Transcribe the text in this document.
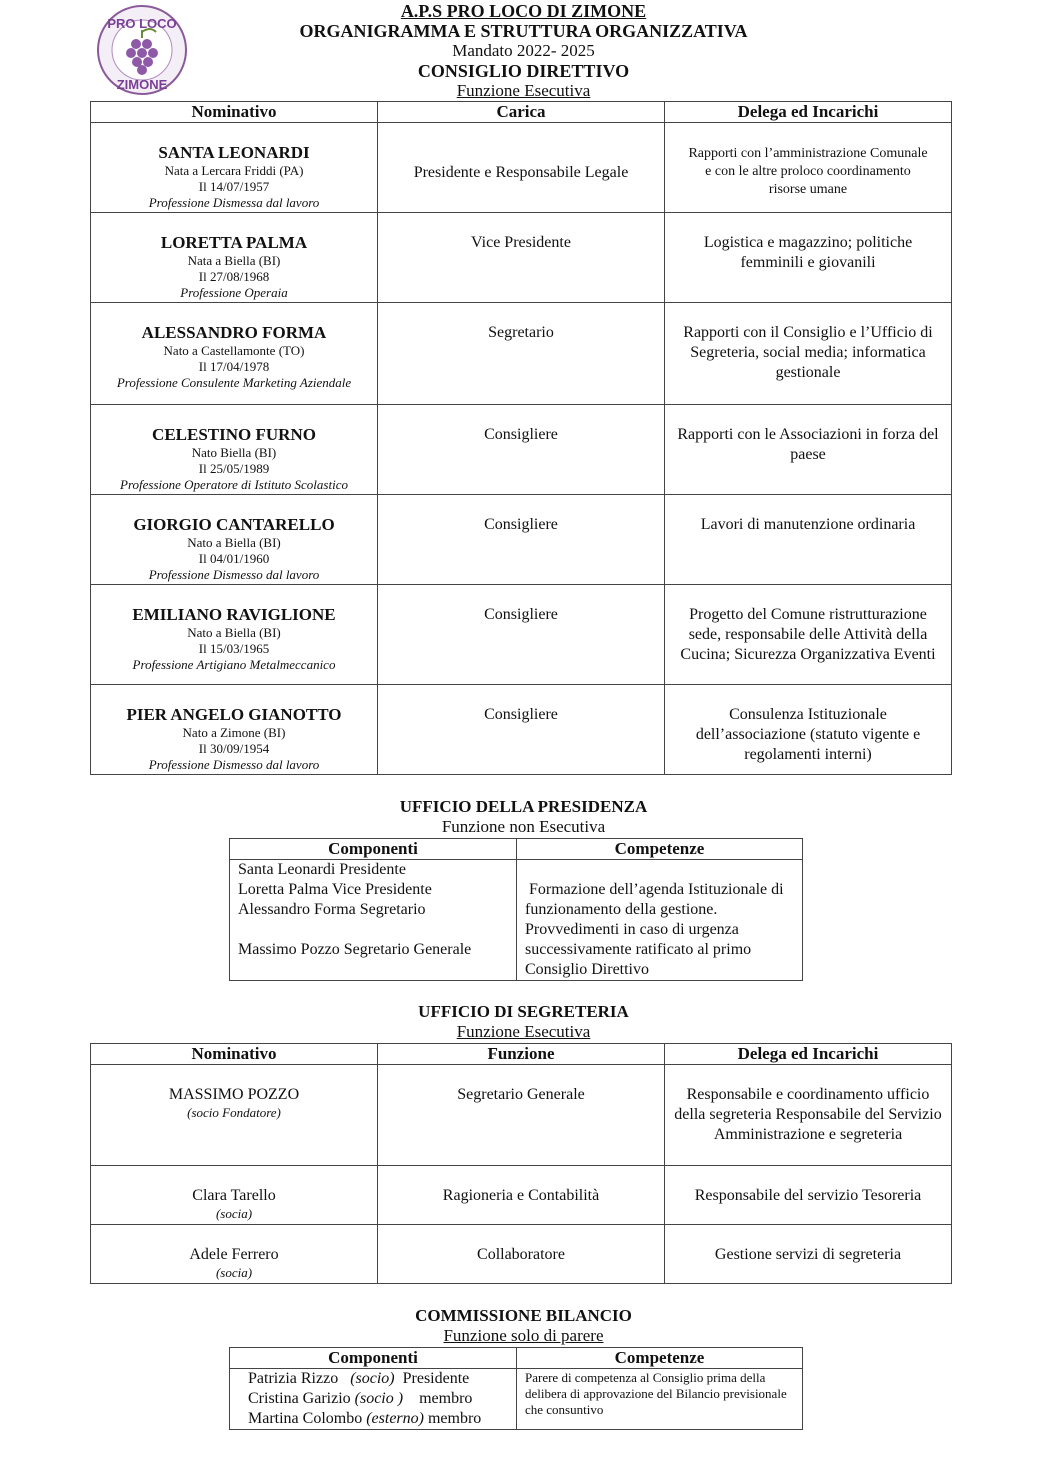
PRO LOCO
ZIMONE
A.P.S PRO LOCO DI ZIMONE
ORGANIGRAMMA E STRUTTURA ORGANIZZATIVA
Mandato 2022- 2025
CONSIGLIO DIRETTIVO
Funzione Esecutiva
Nominativo	Carica	Delega ed Incarichi

SANTA LEONARDI
Nata a Lercara Friddi (PA)
Il 14/07/1957
Professione Dismessa dal lavoro	Presidente e Responsabile Legale	Rapporti con l’amministrazione Comunale e con le altre proloco coordinamento risorse umane

LORETTA PALMA
Nata a Biella (BI)
Il 27/08/1968
Professione Operaia	Vice Presidente	Logistica e magazzino; politiche femminili e giovanili

ALESSANDRO FORMA
Nato a Castellamonte (TO)
Il 17/04/1978
Professione Consulente Marketing Aziendale	Segretario	Rapporti con il Consiglio e l’Ufficio di Segreteria, social media; informatica gestionale

CELESTINO FURNO
Nato Biella (BI)
Il 25/05/1989
Professione Operatore di Istituto Scolastico	Consigliere	Rapporti con le Associazioni in forza del paese

GIORGIO CANTARELLO
Nato a Biella (BI)
Il 04/01/1960
Professione Dismesso dal lavoro	Consigliere	Lavori di manutenzione ordinaria

EMILIANO RAVIGLIONE
Nato a Biella (BI)
Il 15/03/1965
Professione Artigiano Metalmeccanico	Consigliere	Progetto del Comune ristrutturazione sede, responsabile delle Attività della Cucina; Sicurezza Organizzativa Eventi

PIER ANGELO GIANOTTO
Nato a Zimone (BI)
Il 30/09/1954
Professione Dismesso dal lavoro	Consigliere	Consulenza Istituzionale dell’associazione (statuto vigente e regolamenti interni)
UFFICIO DELLA PRESIDENZA
Funzione non Esecutiva
Componenti	Competenze

Santa Leonardi Presidente
Loretta Palma Vice Presidente
Alessandro Forma Segretario
Massimo Pozzo Segretario Generale	Formazione dell’agenda Istituzionale di funzionamento della gestione. Provvedimenti in caso di urgenza successivamente ratificato al primo Consiglio Direttivo
UFFICIO DI SEGRETERIA
Funzione Esecutiva
Nominativo	Funzione	Delega ed Incarichi

MASSIMO POZZO
(socio Fondatore)	Segretario Generale	Responsabile e coordinamento ufficio della segreteria Responsabile del Servizio Amministrazione e segreteria

Clara Tarello
(socia)	Ragioneria e Contabilità	Responsabile del servizio Tesoreria

Adele Ferrero
(socia)	Collaboratore	Gestione servizi di segreteria
COMMISSIONE BILANCIO
Funzione solo di parere
Componenti	Competenze

Patrizia Rizzo (socio) Presidente
Cristina Garizio (socio ) membro
Martina Colombo (esterno) membro	Parere di competenza al Consiglio prima della delibera di approvazione del Bilancio previsionale che consuntivo
